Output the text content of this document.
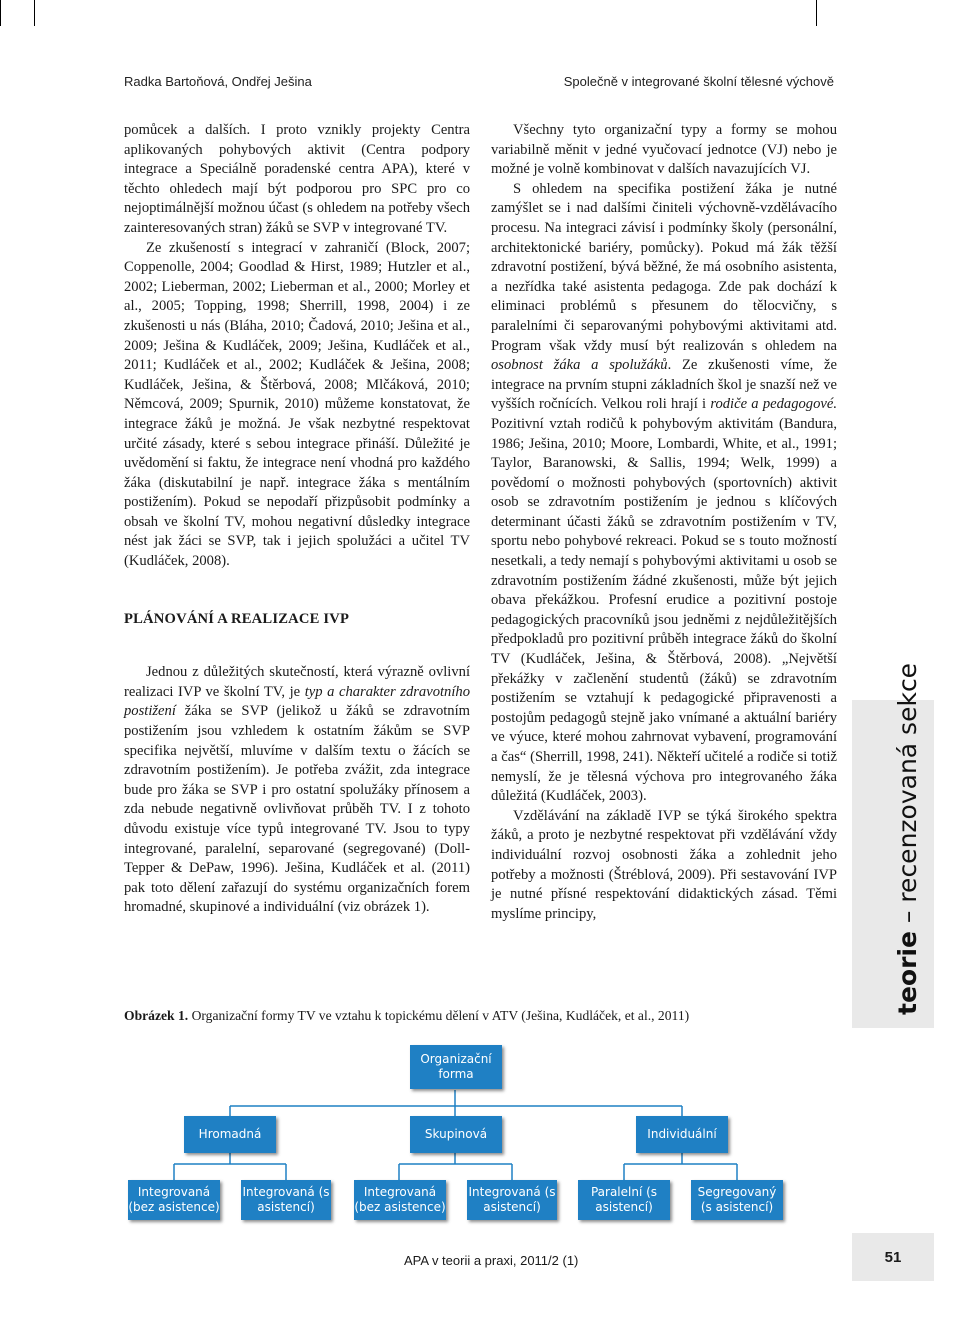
Radka Bartoňová, Ondřej Ješina	Společně v integrované školní tělesné výchově

pomůcek a dalších. I proto vznikly projekty Centra aplikovaných pohybových aktivit (Centra podpory integrace a Speciálně poradenské centra APA), které v těchto ohledech mají být podporou pro SPC pro co nejoptimálnější možnou účast (s ohledem na potřeby všech zainteresovaných stran) žáků se SVP v integrované TV.

Ze zkušeností s integrací v zahraničí (Block, 2007; Coppenolle, 2004; Goodlad & Hirst, 1989; Hutzler et al., 2002; Lieberman, 2002; Lieberman et al., 2000; Morley et al., 2005; Topping, 1998; Sherrill, 1998, 2004) i ze zkušenosti u nás (Bláha, 2010; Čadová, 2010; Ješina et al., 2009; Ješina & Kudláček, 2009; Ješina, Kudláček et al., 2011; Kudláček et al., 2002; Kudláček & Ješina, 2008; Kudláček, Ješina, & Štěrbová, 2008; Mlčáková, 2010; Němcová, 2009; Spurnik, 2010) můžeme konstatovat, že integrace žáků je možná. Je však nezbytné respektovat určité zásady, které s sebou integrace přináší. Důležité je uvědomění si faktu, že integrace není vhodná pro každého žáka (diskutabilní je např. integrace žáka s mentálním postižením). Pokud se nepodaří přizpůsobit podmínky a obsah ve školní TV, mohou negativní důsledky integrace nést jak žáci se SVP, tak i jejich spolužáci a učitel TV (Kudláček, 2008).

PLÁNOVÁNÍ A REALIZACE IVP

Jednou z důležitých skutečností, která výrazně ovlivní realizaci IVP ve školní TV, je typ a charakter zdravotního postižení žáka se SVP (jelikož u žáků se zdravotním postižením jsou vzhledem k ostatním žákům se SVP specifika největší, mluvíme v dalším textu o žácích se zdravotním postižením). Je potřeba zvážit, zda integrace bude pro žáka se SVP i pro ostatní spolužáky přínosem a zda nebude negativně ovlivňovat průběh TV. I z tohoto důvodu existuje více typů integrované TV. Jsou to typy integrované, paralelní, separované (segregované) (Doll-Tepper & DePaw, 1996). Ješina, Kudláček et al. (2011) pak toto dělení zařazují do systému organizačních forem hromadné, skupinové a individuální (viz obrázek 1).

Všechny tyto organizační typy a formy se mohou variabilně měnit v jedné vyučovací jednotce (VJ) nebo je možné je volně kombinovat v dalších navazujících VJ.

S ohledem na specifika postižení žáka je nutné zamýšlet se i nad dalšími činiteli výchovně-vzdělávacího procesu. Na integraci závisí i podmínky školy (personální, architektonické bariéry, pomůcky). Pokud má žák těžší zdravotní postižení, bývá běžné, že má osobního asistenta, a nezřídka také asistenta pedagoga. Zde pak dochází k eliminaci problémů s přesunem do tělocvičny, s paralelními či separovanými pohybovými aktivitami atd. Program však vždy musí být realizován s ohledem na osobnost žáka a spolužáků. Ze zkušenosti víme, že integrace na prvním stupni základních škol je snazší než ve vyšších ročnících. Velkou roli hrají i rodiče a pedagogové. Pozitivní vztah rodičů k pohybovým aktivitám (Bandura, 1986; Ješina, 2010; Moore, Lombardi, White, et al., 1991; Taylor, Baranowski, & Sallis, 1994; Welk, 1999) a povědomí o možnosti pohybových (sportovních) aktivit osob se zdravotním postižením je jednou s klíčových determinant účasti žáků se zdravotním postižením v TV, sportu nebo pohybové rekreaci. Pokud se s touto možností nesetkali, a tedy nemají s pohybovými aktivitami u osob se zdravotním postižením žádné zkušenosti, může být jejich obava překážkou. Profesní erudice a pozitivní postoje pedagogických pracovníků jsou jedněmi z nejdůležitějších předpokladů pro pozitivní průběh integrace žáků do školní TV (Kudláček, Ješina, & Štěrbová, 2008). „Největší překážky v začlenění studentů (žáků) se zdravotním postižením se vztahují k pedagogické připravenosti a postojům pedagogů stejně jako vnímané a aktuální bariéry ve výuce, které mohou zahrnovat vybavení, programování a čas“ (Sherrill, 1998, 241). Někteří učitelé a rodiče si totiž nemyslí, že je tělesná výchova pro integrovaného žáka důležitá (Kudláček, 2003).

Vzdělávání na základě IVP se týká širokého spektra žáků, a proto je nezbytné respektovat při vzdělávání vždy individuální rozvoj osobnosti žáka a zohlednit jeho potřeby a možnosti (Štréblová, 2009). Při sestavování IVP je nutné přísné respektování didaktických zásad. Těmi myslíme principy,

Obrázek 1. Organizační formy TV ve vztahu k topickému dělení v ATV (Ješina, Kudláček, et al., 2011)
Organizační forma
Hromadná	Skupinová	Individuální
Integrovaná (bez asistence)
Integrovaná (s asistencí)
Integrovaná (bez asistence)
Integrovaná (s asistencí)
Paralelní (s asistencí)
Segregovaný (s asistencí)
teorie – recenzovaná sekce
APA v teorii a praxi, 2011/2 (1)	51
